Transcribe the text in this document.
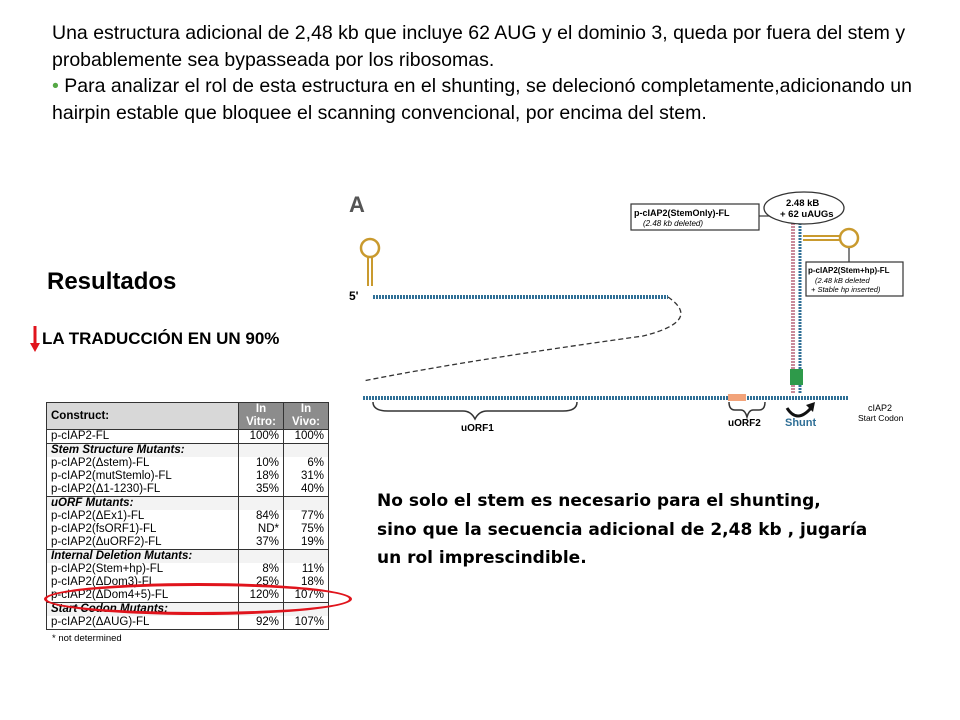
Una estructura adicional de 2,48 kb que incluye 62 AUG y el dominio 3, queda por fuera del stem y probablemente sea bypasseada por los ribosomas.

• Para analizar el rol de esta estructura en el shunting, se delecionó completamente,adicionando un hairpin estable que bloquee el scanning convencional, por encima del stem.

Resultados
LA TRADUCCIÓN EN UN 90%
A
5'
uORF1	uORF2 Shunt
cIAP2
Start Codon
p-cIAP2(StemOnly)-FL
(2.48 kb deleted)
2.48 kB
+ 62 uAUGs
p-cIAP2(Stem+hp)-FL
(2.48 kB deleted
+ Stable hp inserted)
Construct:	In Vitro:	In Vivo:
p-cIAP2-FL	100%	100%
Stem Structure Mutants:		
p-cIAP2(Δstem)-FL	10%	6%
p-cIAP2(mutStemlo)-FL	18%	31%
p-cIAP2(Δ1-1230)-FL	35%	40%
uORF Mutants:		
p-cIAP2(ΔEx1)-FL	84%	77%
p-cIAP2(fsORF1)-FL	ND*	75%
p-cIAP2(ΔuORF2)-FL	37%	19%
Internal Deletion Mutants:		
p-cIAP2(Stem+hp)-FL	8%	11%
p-cIAP2(ΔDom3)-FL	25%	18%
p-cIAP2(ΔDom4+5)-FL	120%	107%
Start Codon Mutants:		
p-cIAP2(ΔAUG)-FL	92%	107%
* not determined

No solo el stem es necesario para el shunting,

sino que la secuencia adicional de 2,48 kb , jugaría

un rol imprescindible.
